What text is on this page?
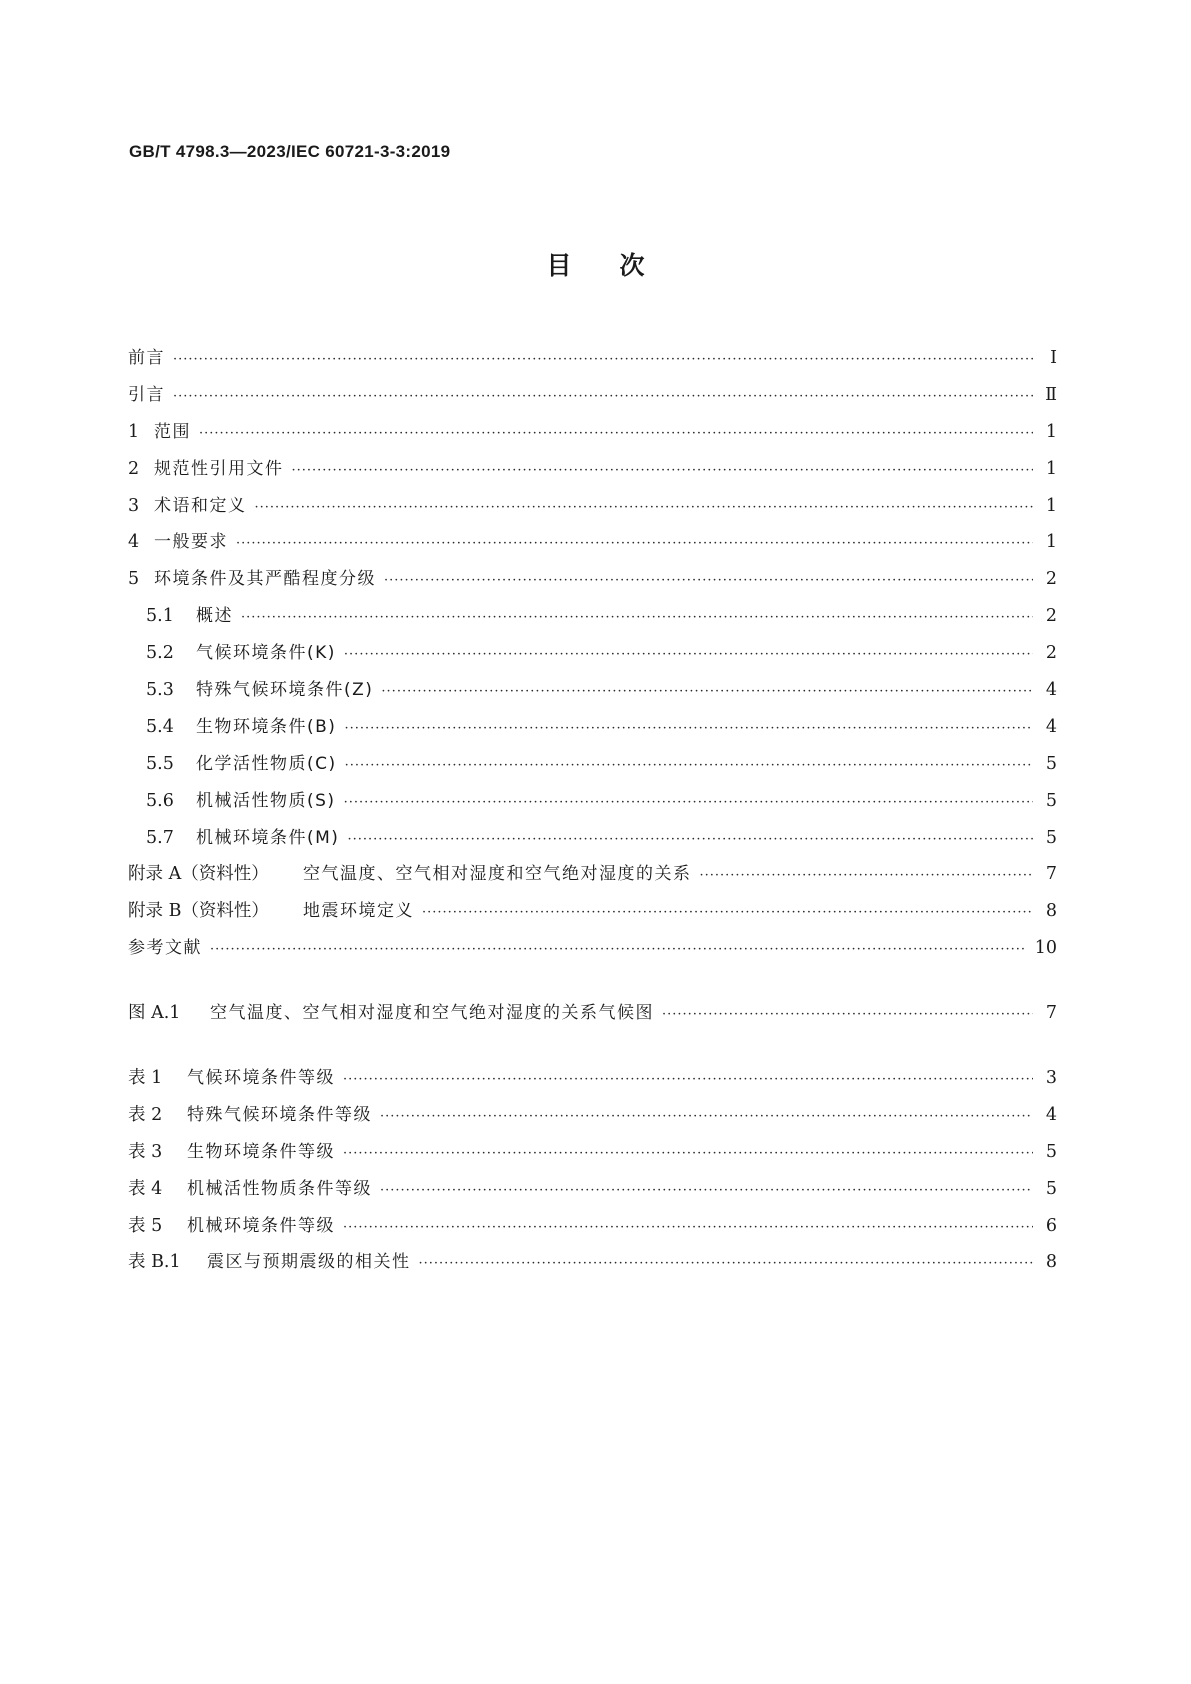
GB/T 4798.3—2023/IEC 60721-3-3:2019
目次
前言 ·····	Ⅰ
引言 ·····	Ⅱ
1 范围 ·····	1
2 规范性引用文件 ·····	1
3 术语和定义 ·····	1
4 一般要求 ·····	1
5 环境条件及其严酷程度分级 ·····	2
5.1	概述 ·····	2
5.2	气候环境条件(K) ·····	2
5.3	特殊气候环境条件(Z) ·····	4
5.4	生物环境条件(B) ·····	4
5.5	化学活性物质(C) ·····	5
5.6	机械活性物质(S) ·····	5
5.7	机械环境条件(M) ·····	5
附录 A（资料性）	空气温度、空气相对湿度和空气绝对湿度的关系 ·····	7
附录 B（资料性）	地震环境定义 ·····	8
参考文献 ·····	10
图 A.1	空气温度、空气相对湿度和空气绝对湿度的关系气候图 ·····	7
表 1	气候环境条件等级 ·····	3
表 2	特殊气候环境条件等级 ·····	4
表 3	生物环境条件等级 ·····	5
表 4	机械活性物质条件等级 ·····	5
表 5	机械环境条件等级 ·····	6
表 B.1	震区与预期震级的相关性 ·····	8
